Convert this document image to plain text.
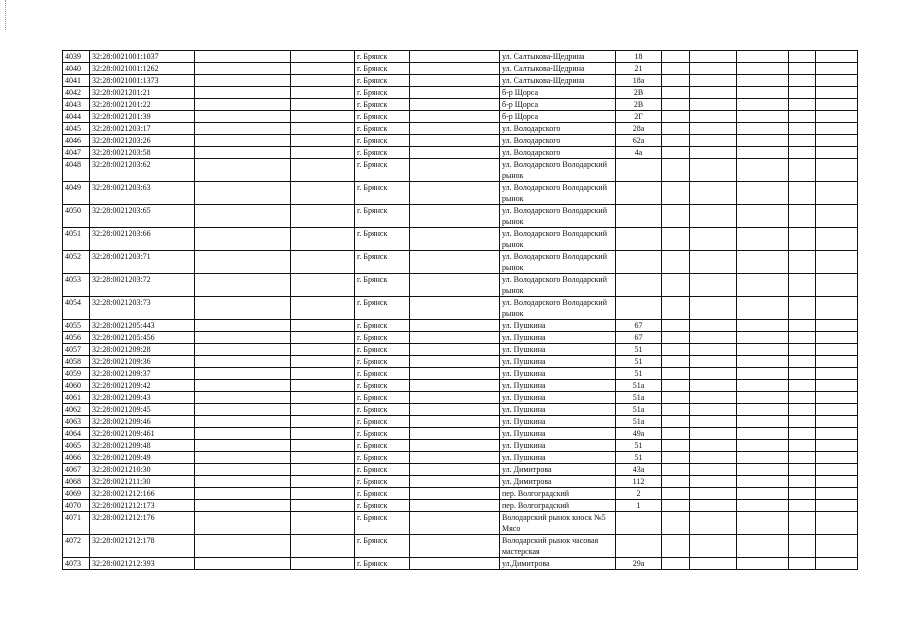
4039	32:28:0021001:1037			г. Брянск		ул. Салтыкова-Щедрина	18					
4040	32:28:0021001:1262			г. Брянск		ул. Салтыкова-Щедрина	21					
4041	32:28:0021001:1373			г. Брянск		ул. Салтыкова-Щедрина	18а					
4042	32:28:0021201:21			г. Брянск		б-р Щорса	2В					
4043	32:28:0021201:22			г. Брянск		б-р Щорса	2В					
4044	32:28:0021201:39			г. Брянск		б-р Щорса	2Г					
4045	32:28:0021203:17			г. Брянск		ул. Володарского	28а					
4046	32:28:0021203:26			г. Брянск		ул. Володарского	62а					
4047	32:28:0021203:58			г. Брянск		ул. Володарского	4а					
4048	32:28:0021203:62			г. Брянск		ул. Володарского Володарский рынок						
4049	32:28:0021203:63			г. Брянск		ул. Володарского Володарский рынок						
4050	32:28:0021203:65			г. Брянск		ул. Володарского Володарский рынок						
4051	32:28:0021203:66			г. Брянск		ул. Володарского Володарский рынок						
4052	32:28:0021203:71			г. Брянск		ул. Володарского Володарский рынок						
4053	32:28:0021203:72			г. Брянск		ул. Володарского Володарский рынок						
4054	32:28:0021203:73			г. Брянск		ул. Володарского Володарский рынок						
4055	32:28:0021205:443			г. Брянск		ул. Пушкина	67					
4056	32:28:0021205:456			г. Брянск		ул. Пушкина	67					
4057	32:28:0021209:28			г. Брянск		ул. Пушкина	51					
4058	32:28:0021209:36			г. Брянск		ул. Пушкина	51					
4059	32:28:0021209:37			г. Брянск		ул. Пушкина	51					
4060	32:28:0021209:42			г. Брянск		ул. Пушкина	51а					
4061	32:28:0021209:43			г. Брянск		ул. Пушкина	51а					
4062	32:28:0021209:45			г. Брянск		ул. Пушкина	51а					
4063	32:28:0021209:46			г. Брянск		ул. Пушкина	51а					
4064	32:28:0021209:461			г. Брянск		ул. Пушкина	49а					
4065	32:28:0021209:48			г. Брянск		ул. Пушкина	51					
4066	32:28:0021209:49			г. Брянск		ул. Пушкина	51					
4067	32:28:0021210:30			г. Брянск		ул. Димитрова	43а					
4068	32:28:0021211:30			г. Брянск		ул. Димитрова	112					
4069	32:28:0021212:166			г. Брянск		пер. Волгоградский	2					
4070	32:28:0021212:173			г. Брянск		пер. Волгоградский	1					
4071	32:28:0021212:176			г. Брянск		Володарский рынок киоск №5 Мясо						
4072	32:28:0021212:178			г. Брянск		Володарский рынок часовая мастерская						
4073	32:28:0021212:393			г. Брянск		ул.Димитрова	29а					
